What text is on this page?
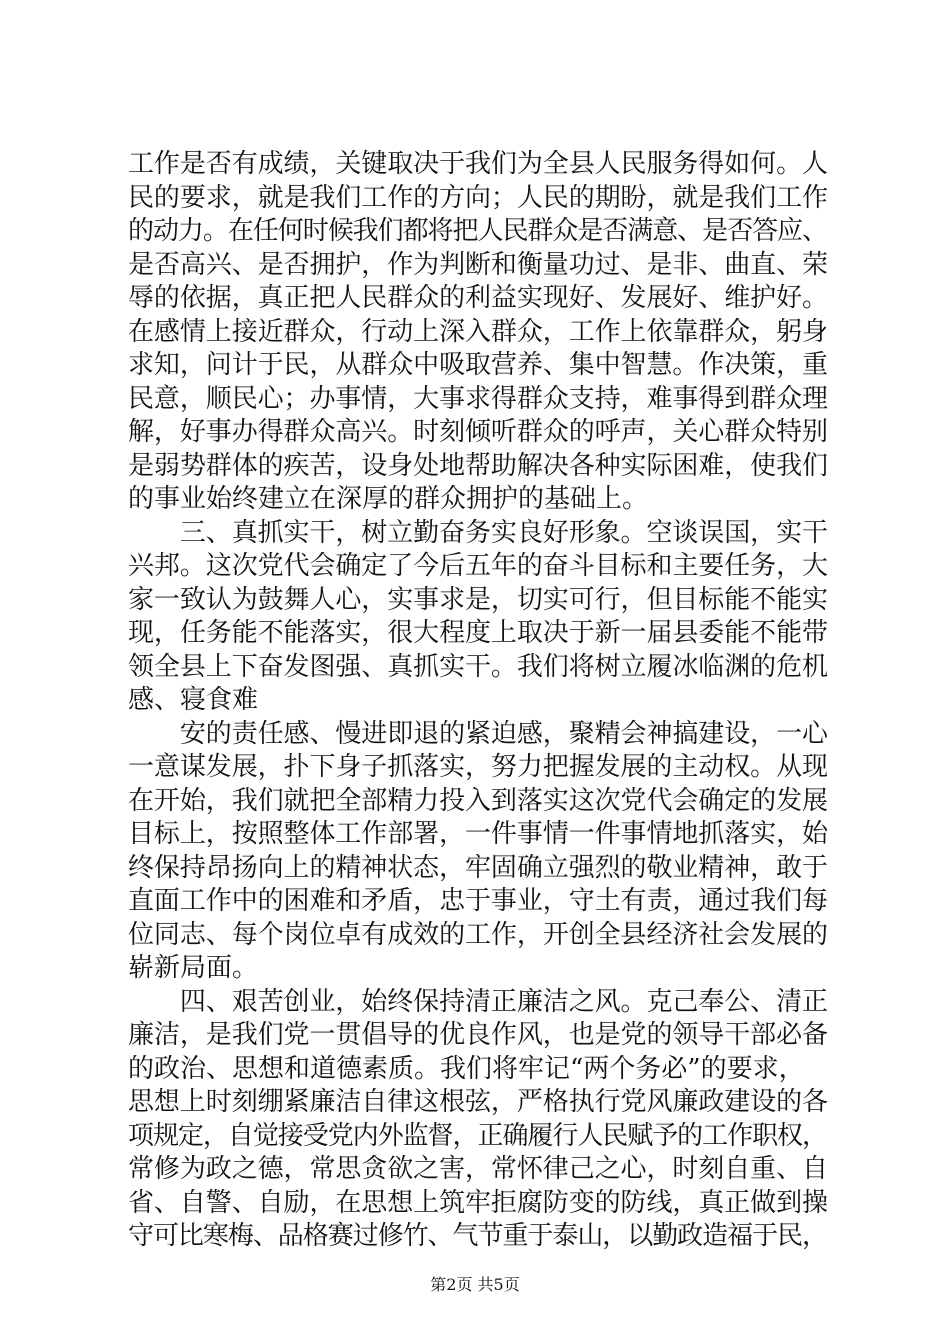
工作是否有成绩，关键取决于我们为全县人民服务得如何。人
民的要求，就是我们工作的方向；人民的期盼，就是我们工作
的动力。在任何时候我们都将把人民群众是否满意、是否答应、
是否高兴、是否拥护，作为判断和衡量功过、是非、曲直、荣
辱的依据，真正把人民群众的利益实现好、发展好、维护好。
在感情上接近群众，行动上深入群众，工作上依靠群众，躬身
求知，问计于民，从群众中吸取营养、集中智慧。作决策，重
民意，顺民心；办事情，大事求得群众支持，难事得到群众理
解，好事办得群众高兴。时刻倾听群众的呼声，关心群众特别
是弱势群体的疾苦，设身处地帮助解决各种实际困难，使我们
的事业始终建立在深厚的群众拥护的基础上。
　　三、真抓实干，树立勤奋务实良好形象。空谈误国，实干
兴邦。这次党代会确定了今后五年的奋斗目标和主要任务，大
家一致认为鼓舞人心，实事求是，切实可行，但目标能不能实
现，任务能不能落实，很大程度上取决于新一届县委能不能带
领全县上下奋发图强、真抓实干。我们将树立履冰临渊的危机
感、寝食难
　　安的责任感、慢进即退的紧迫感，聚精会神搞建设，一心
一意谋发展，扑下身子抓落实，努力把握发展的主动权。从现
在开始，我们就把全部精力投入到落实这次党代会确定的发展
目标上，按照整体工作部署，一件事情一件事情地抓落实，始
终保持昂扬向上的精神状态，牢固确立强烈的敬业精神，敢于
直面工作中的困难和矛盾，忠于事业，守土有责，通过我们每
位同志、每个岗位卓有成效的工作，开创全县经济社会发展的
崭新局面。
　　四、艰苦创业，始终保持清正廉洁之风。克己奉公、清正
廉洁，是我们党一贯倡导的优良作风，也是党的领导干部必备
的政治、思想和道德素质。我们将牢记“两个务必”的要求，
思想上时刻绷紧廉洁自律这根弦，严格执行党风廉政建设的各
项规定，自觉接受党内外监督，正确履行人民赋予的工作职权，
常修为政之德，常思贪欲之害，常怀律己之心，时刻自重、自
省、自警、自励，在思想上筑牢拒腐防变的防线，真正做到操
守可比寒梅、品格赛过修竹、气节重于泰山，以勤政造福于民，
第2页 共5页
